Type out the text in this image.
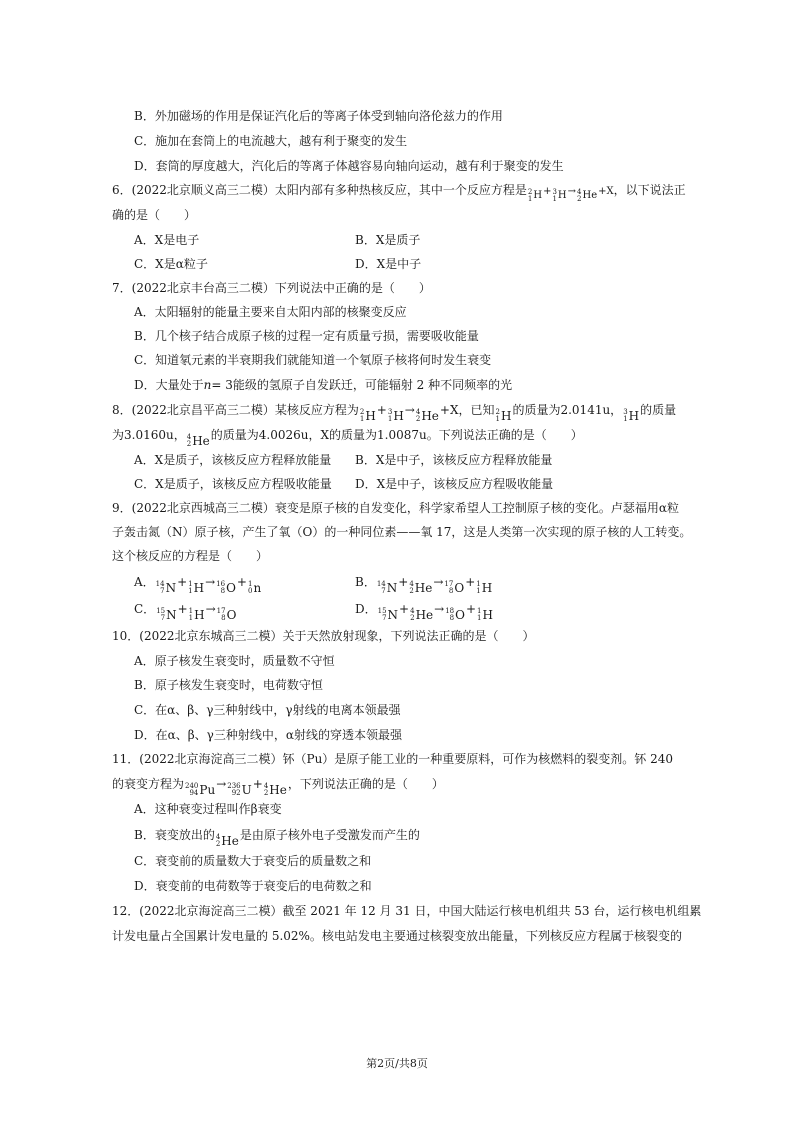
B．外加磁场的作用是保证汽化后的等离子体受到轴向洛伦兹力的作用
C．施加在套筒上的电流越大，越有利于聚变的发生
D．套筒的厚度越大，汽化后的等离子体越容易向轴向运动，越有利于聚变的发生
6．(2022北京顺义高三二模）太阳内部有多种热核反应，其中一个反应方程是 2
1 H+ 3
1 H→ 4
2 He+X，以下说法正
确的是（　　）
A．X是电子	B．X是质子
C．X是α粒子	D．X是中子
7．(2022北京丰台高三二模）下列说法中正确的是（　　）
A．太阳辐射的能量主要来自太阳内部的核聚变反应
B．几个核子结合成原子核的过程一定有质量亏损，需要吸收能量
C．知道氡元素的半衰期我们就能知道一个氡原子核将何时发生衰变
D．大量处于n= 3能级的氢原子自发跃迁，可能辐射 2 种不同频率的光
8．(2022北京昌平高三二模）某核反应方程为 2
1 H+ 3
1 H→ 4
2 He+X，已知 2
1 H的质量为2.0141u， 3
1 H的质量
为3.0160u， 4
2 He的质量为4.0026u，X的质量为1.0087u。下列说法正确的是（　　）
A．X是质子，该核反应方程释放能量 B．X是中子，该核反应方程释放能量
C．X是质子，该核反应方程吸收能量 D．X是中子，该核反应方程吸收能量
9．(2022北京西城高三二模）衰变是原子核的自发变化，科学家希望人工控制原子核的变化。卢瑟福用α粒
子轰击氮（N）原子核，产生了氧（O）的一种同位素——氧 17，这是人类第一次实现的原子核的人工转变。
这个核反应的方程是（　　）
A． 14
7 N+ 1
1 H→ 16
8 O+ 1
0 n	B． 14
7 N+ 4
2 He→ 17
8 O+ 1
1 H
C． 15
7 N+ 1
1 H→ 17
8 O	D． 15
7 N+ 4
2 He→ 18
8 O+ 1
1 H
10．(2022北京东城高三二模）关于天然放射现象，下列说法正确的是（　　）
A．原子核发生衰变时，质量数不守恒
B．原子核发生衰变时，电荷数守恒
C．在α、β、γ三种射线中，γ射线的电离本领最强
D．在α、β、γ三种射线中，α射线的穿透本领最强
11．(2022北京海淀高三二模）钚（Pu）是原子能工业的一种重要原料，可作为核燃料的裂变剂。钚 240
的衰变方程为 240
94 Pu→ 236
92 U+ 4
2 He，下列说法正确的是（　　）
A．这种衰变过程叫作β衰变
B．衰变放出的 4
2 He是由原子核外电子受激发而产生的
C．衰变前的质量数大于衰变后的质量数之和
D．衰变前的电荷数等于衰变后的电荷数之和
12．(2022北京海淀高三二模）截至 2021 年 12 月 31 日，中国大陆运行核电机组共 53 台，运行核电机组累
计发电量占全国累计发电量的 5.02%。核电站发电主要通过核裂变放出能量，下列核反应方程属于核裂变的
第2页/共8页
